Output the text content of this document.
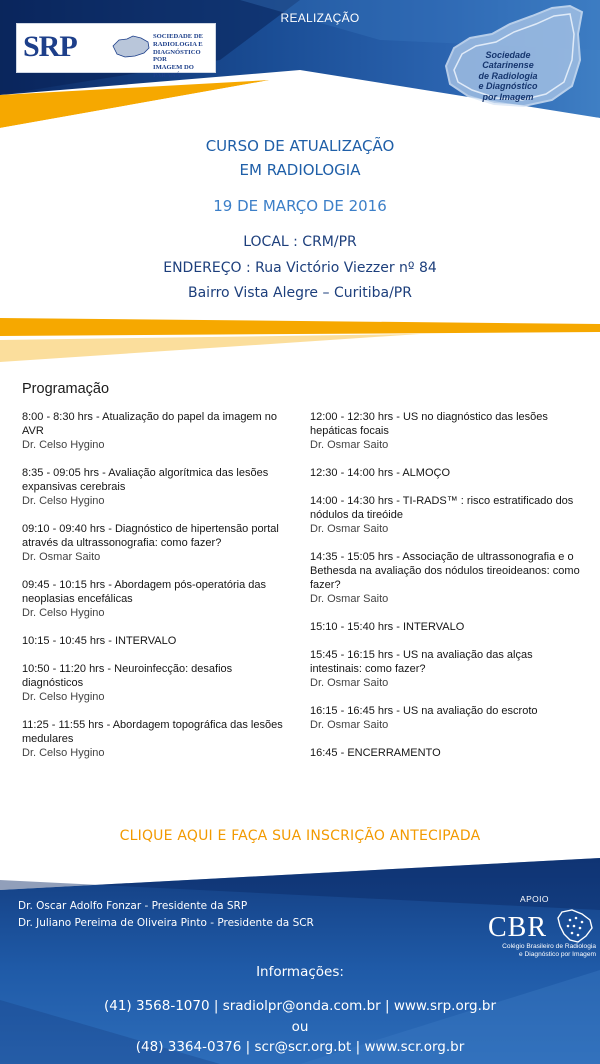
REALIZAÇÃO
SRP	SOCIEDADE DE
RADIOLOGIA E
DIAGNÓSTICO POR
IMAGEM DO PARANÁ
Sociedade
Catarinense
de Radiologia
e Diagnóstico
por Imagem
CURSO DE ATUALIZAÇÃO
EM RADIOLOGIA
19 DE MARÇO DE 2016
LOCAL : CRM/PR
ENDEREÇO : Rua Victório Viezzer nº 84
Bairro Vista Alegre – Curitiba/PR
Programação
8:00 - 8:30 hrs - Atualização do papel da imagem no AVR
Dr. Celso Hygino
8:35 - 09:05 hrs - Avaliação algorítmica das lesões expansivas cerebrais
Dr. Celso Hygino
09:10 - 09:40 hrs - Diagnóstico de hipertensão portal através da ultrassonografia: como fazer?
Dr. Osmar Saito
09:45 - 10:15 hrs - Abordagem pós-operatória das neoplasias encefálicas
Dr. Celso Hygino
10:15 - 10:45 hrs - INTERVALO
10:50 - 11:20 hrs - Neuroinfecção: desafios diagnósticos
Dr. Celso Hygino
11:25 - 11:55 hrs - Abordagem topográfica das lesões medulares
Dr. Celso Hygino
12:00 - 12:30 hrs - US no diagnóstico das lesões hepáticas focais
Dr. Osmar Saito
12:30 - 14:00 hrs - ALMOÇO
14:00 - 14:30 hrs - TI-RADS™ : risco estratificado dos nódulos da tireóide
Dr. Osmar Saito
14:35 - 15:05 hrs - Associação de ultrassonografia e o Bethesda na avaliação dos nódulos tireoideanos: como fazer?
Dr. Osmar Saito
15:10 - 15:40 hrs - INTERVALO
15:45 - 16:15 hrs - US na avaliação das alças intestinais: como fazer?
Dr. Osmar Saito
16:15 - 16:45 hrs - US na avaliação do escroto
Dr. Osmar Saito
16:45 - ENCERRAMENTO
CLIQUE AQUI E FAÇA SUA INSCRIÇÃO ANTECIPADA
Dr. Oscar Adolfo Fonzar - Presidente da SRP
Dr. Juliano Pereima de Oliveira Pinto - Presidente da SCR
APOIO
CBR
Colégio Brasileiro de Radiologia
e Diagnóstico por Imagem
Informações:
(41) 3568-1070 | sradiolpr@onda.com.br | www.srp.org.br
ou
(48) 3364-0376 | scr@scr.org.bt | www.scr.org.br
